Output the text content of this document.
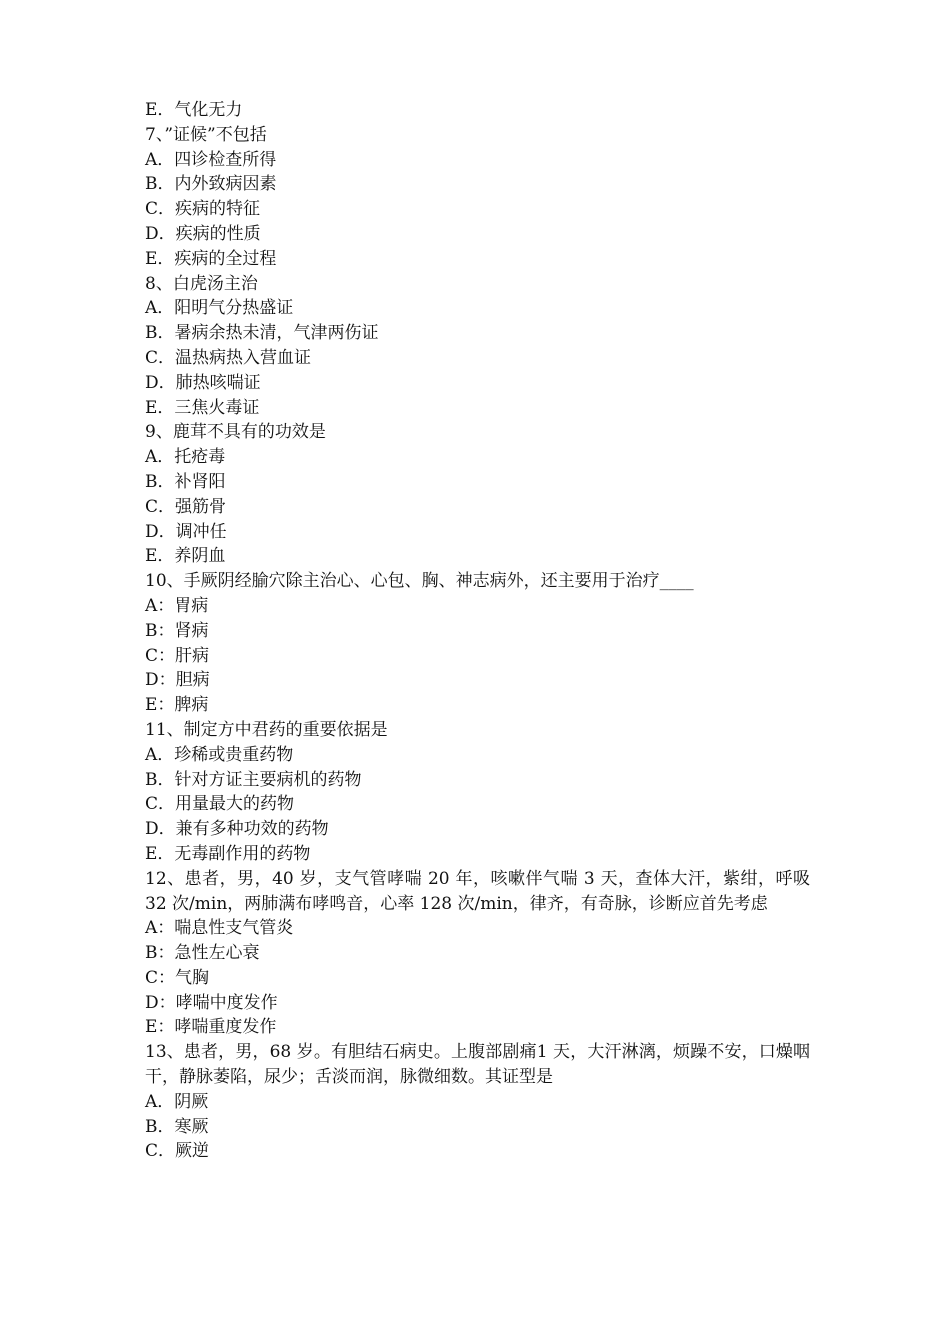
E．气化无力
7、”证候”不包括
A．四诊检查所得
B．内外致病因素
C．疾病的特征
D．疾病的性质
E．疾病的全过程
8、白虎汤主治
A．阳明气分热盛证
B．暑病余热未清，气津两伤证
C．温热病热入营血证
D．肺热咳喘证
E．三焦火毒证
9、鹿茸不具有的功效是
A．托疮毒
B．补肾阳
C．强筋骨
D．调冲任
E．养阴血
10、手厥阴经腧穴除主治心、心包、胸、神志病外，还主要用于治疗____
A：胃病
B：肾病
C：肝病
D：胆病
E：脾病
11、制定方中君药的重要依据是
A．珍稀或贵重药物
B．针对方证主要病机的药物
C．用量最大的药物
D．兼有多种功效的药物
E．无毒副作用的药物
12、患者，男，40 岁，支气管哮喘 20 年，咳嗽伴气喘 3 天，查体大汗，紫绀，呼吸 32 次/min，两肺满布哮鸣音，心率 128 次/min，律齐，有奇脉，诊断应首先考虑
A：喘息性支气管炎
B：急性左心衰
C：气胸
D：哮喘中度发作
E：哮喘重度发作
13、患者，男，68 岁。有胆结石病史。上腹部剧痛1 天，大汗淋漓，烦躁不安，口燥咽干，静脉萎陷，尿少；舌淡而润，脉微细数。其证型是
A．阴厥
B．寒厥
C．厥逆
